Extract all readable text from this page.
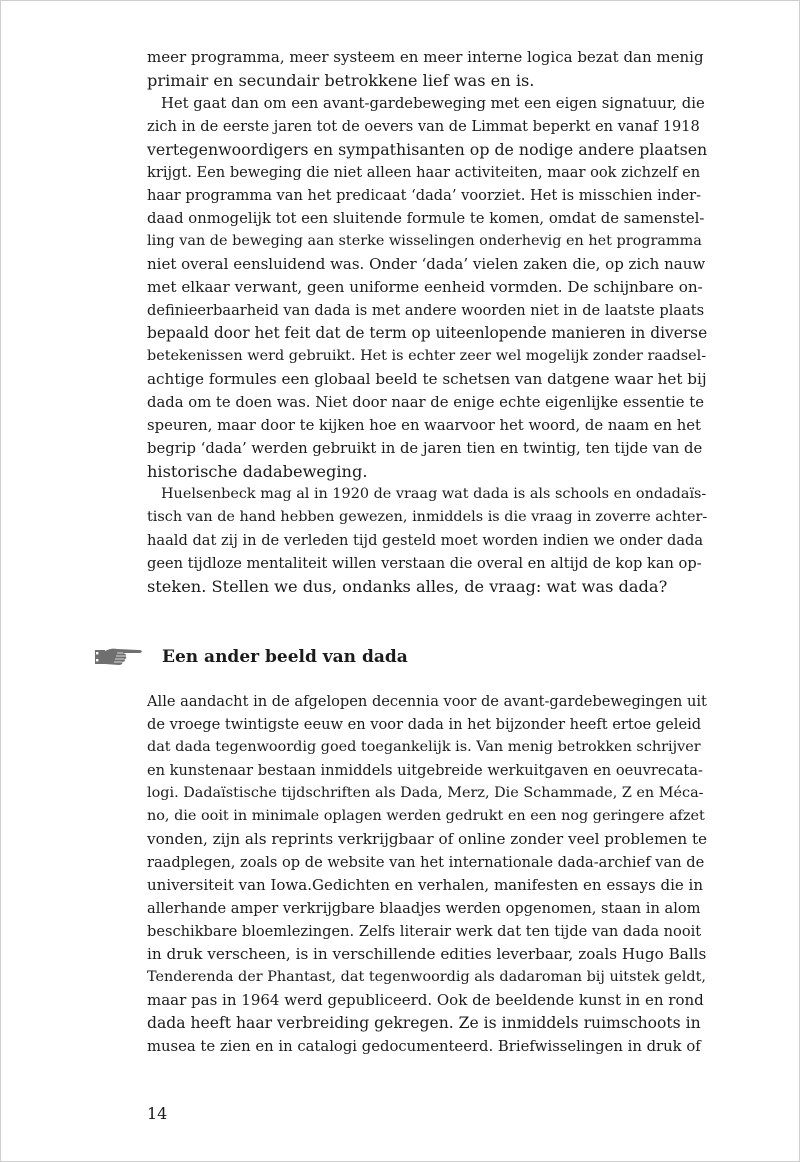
meer programma, meer systeem en meer interne logica bezat dan menig
primair en secundair betrokkene lief was en is.
Het gaat dan om een avant-gardebeweging met een eigen signatuur, die
zich in de eerste jaren tot de oevers van de Limmat beperkt en vanaf 1918
vertegenwoordigers en sympathisanten op de nodige andere plaatsen
krijgt. Een beweging die niet alleen haar activiteiten, maar ook zichzelf en
haar programma van het predicaat ‘dada’ voorziet. Het is misschien inder-
daad onmogelijk tot een sluitende formule te komen, omdat de samenstel-
ling van de beweging aan sterke wisselingen onderhevig en het programma
niet overal eensluidend was. Onder ‘dada’ vielen zaken die, op zich nauw
met elkaar verwant, geen uniforme eenheid vormden. De schijnbare on-
definieerbaarheid van dada is met andere woorden niet in de laatste plaats
bepaald door het feit dat de term op uiteenlopende manieren in diverse
betekenissen werd gebruikt. Het is echter zeer wel mogelijk zonder raadsel-
achtige formules een globaal beeld te schetsen van datgene waar het bij
dada om te doen was. Niet door naar de enige echte eigenlijke essentie te
speuren, maar door te kijken hoe en waarvoor het woord, de naam en het
begrip ‘dada’ werden gebruikt in de jaren tien en twintig, ten tijde van de
historische dadabeweging.
Huelsenbeck mag al in 1920 de vraag wat dada is als schools en ondadaïs-
tisch van de hand hebben gewezen, inmiddels is die vraag in zoverre achter-
haald dat zij in de verleden tijd gesteld moet worden indien we onder dada
geen tijdloze mentaliteit willen verstaan die overal en altijd de kop kan op-
steken. Stellen we dus, ondanks alles, de vraag: wat was dada?
Een ander beeld van dada
Alle aandacht in de afgelopen decennia voor de avant-gardebewegingen uit
de vroege twintigste eeuw en voor dada in het bijzonder heeft ertoe geleid
dat dada tegenwoordig goed toegankelijk is. Van menig betrokken schrijver
en kunstenaar bestaan inmiddels uitgebreide werkuitgaven en oeuvrecata-
logi. Dadaïstische tijdschriften als Dada, Merz, Die Schammade, Z en Méca-
no, die ooit in minimale oplagen werden gedrukt en een nog geringere afzet
vonden, zijn als reprints verkrijgbaar of online zonder veel problemen te
raadplegen, zoals op de website van het internationale dada-archief van de
universiteit van Iowa.Gedichten en verhalen, manifesten en essays die in
allerhande amper verkrijgbare blaadjes werden opgenomen, staan in alom
beschikbare bloemlezingen. Zelfs literair werk dat ten tijde van dada nooit
in druk verscheen, is in verschillende edities leverbaar, zoals Hugo Balls
Tenderenda der Phantast, dat tegenwoordig als dadaroman bij uitstek geldt,
maar pas in 1964 werd gepubliceerd. Ook de beeldende kunst in en rond
dada heeft haar verbreiding gekregen. Ze is inmiddels ruimschoots in
musea te zien en in catalogi gedocumenteerd. Briefwisselingen in druk of
14
